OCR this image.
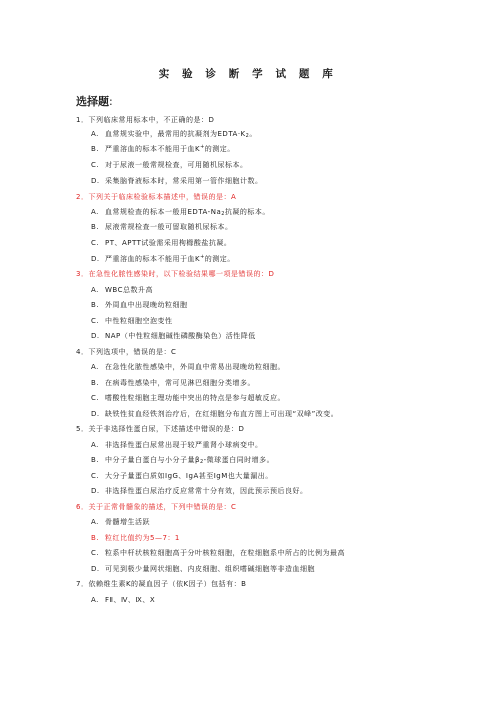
实 验 诊 断 学 试 题 库
选择题:
1．下列临床常用标本中，不正确的是：D
A. 血常规实验中，最常用的抗凝剂为$EDTA\cdot K_2$。
B. 严重溶血的标本不能用于血K+的测定。
C. 对于尿液一般常规检查，可用随机尿标本。
D. 采集脑脊液标本时，常采用第一管作细胞计数。
2．下列关于临床检验标本描述中，错误的是：A
A. 血常规检查的标本一般用EDTA-$Na_2$抗凝的标本。
B. 尿液常规检查一般可留取随机尿标本。
C. PT、APTT试验需采用枸橼酸盐抗凝。
D. 严重溶血的标本不能用于血K+的测定。
3．在急性化脓性感染时，以下检验结果哪一项是错误的：D
A. WBC总数升高
B. 外周血中出现晚幼粒细胞
C. 中性粒细胞空泡变性
D. NAP（中性粒细胞碱性磷酸酶染色）活性降低
4．下列选项中，错误的是：C
A. 在急性化脓性感染中，外周血中常易出现晚幼粒细胞。
B. 在病毒性感染中，常可见淋巴细胞分类增多。
C. 嗜酸性粒细胞主理功能中突出的特点是参与超敏反应。
D. 缺铁性贫血经铁剂治疗后，在红细胞分布直方图上可出现“双峰”改变。
5．关于非选择性蛋白尿，下述描述中错误的是：D
A. 非选择性蛋白尿常出现于较严重肾小球病变中。
B. 中分子量白蛋白与小分子量$\beta_2-$微球蛋白同时增多。
C. 大分子量蛋白质如IgG、IgA甚至IgM也大量漏出。
D. 非选择性蛋白尿治疗反应常常十分有效，因此预示预后良好。
6．关于正常骨髓象的描述，下列中错误的是：C
A. 骨髓增生活跃
B. 粒红比值约为5—7：1
C. 粒系中杆状核粒细胞高于分叶核粒细胞，在粒细胞系中所占的比例为最高
D. 可见到极少量网状细胞、内皮细胞、组织嗜碱细胞等非造血细胞
7．依赖维生素K的凝血因子（依K因子）包括有：B
A. FⅡ、Ⅳ、Ⅸ、Ⅹ
